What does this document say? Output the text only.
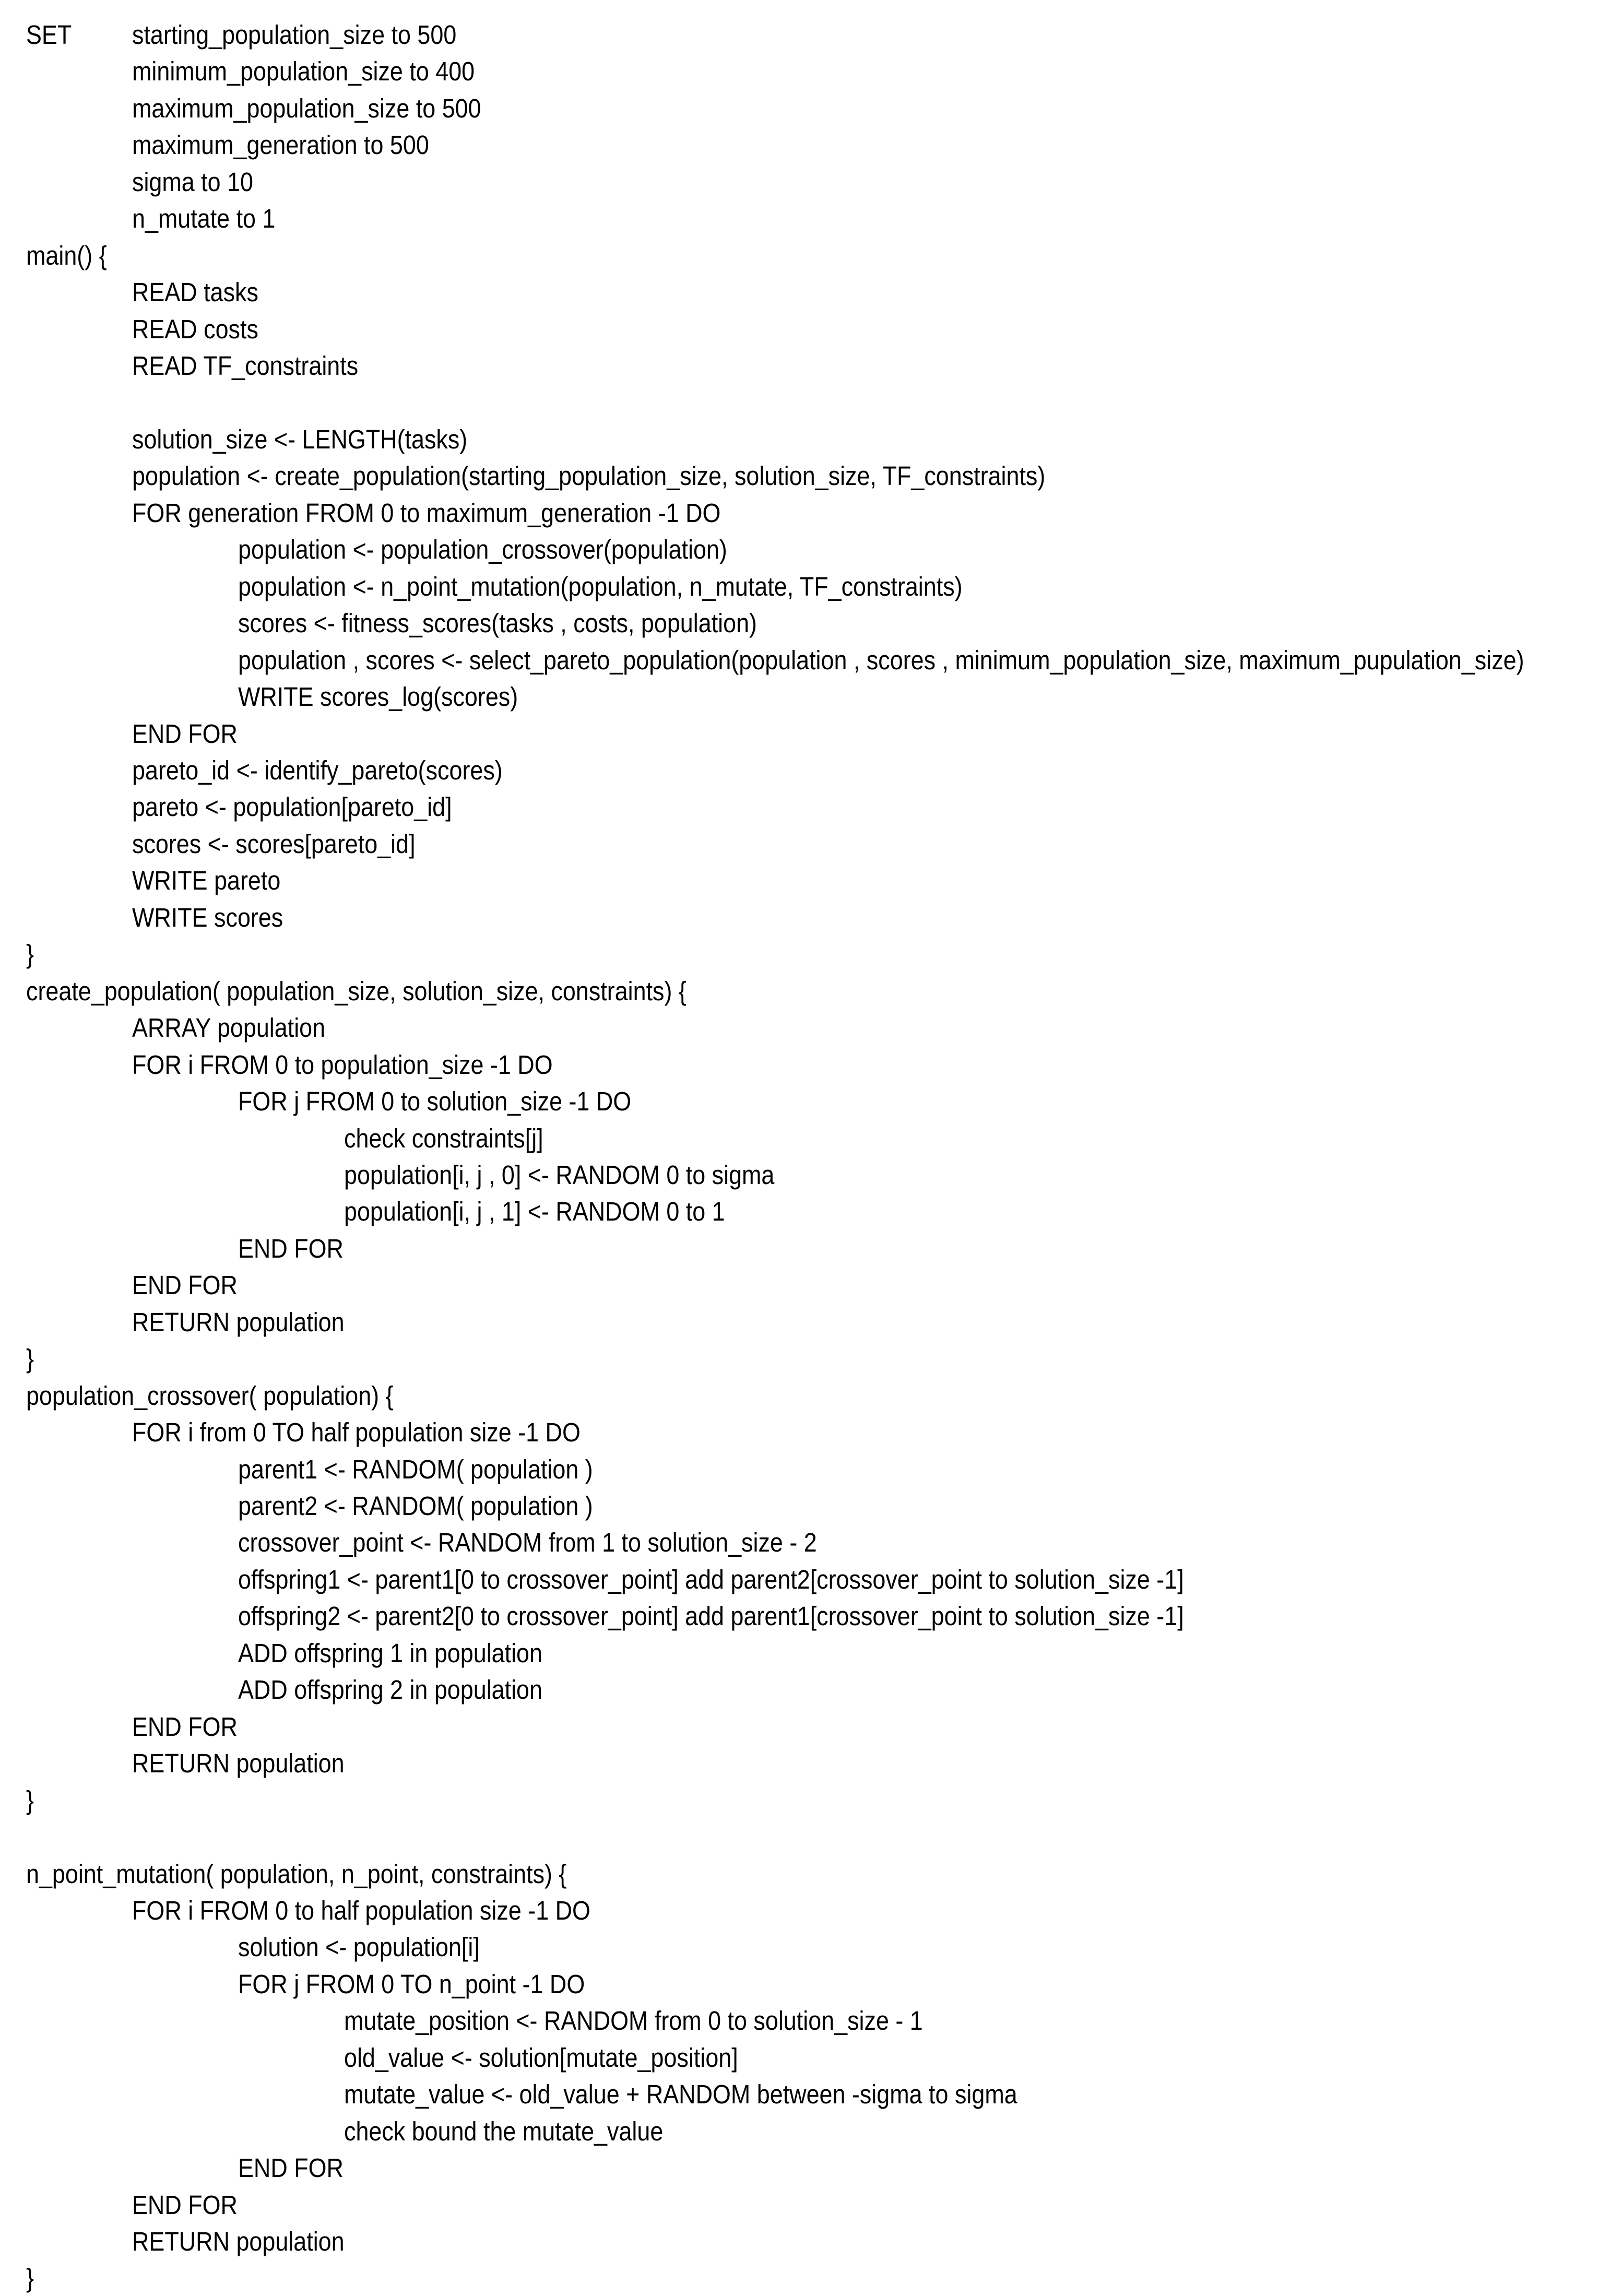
SET starting_population_size to 500
minimum_population_size to 400
maximum_population_size to 500
maximum_generation to 500
sigma to 10
n_mutate to 1
main() {
READ tasks
READ costs
READ TF_constraints
solution_size <- LENGTH(tasks)
population <- create_population(starting_population_size, solution_size, TF_constraints)
FOR generation FROM 0 to maximum_generation -1 DO
population <- population_crossover(population)
population <- n_point_mutation(population, n_mutate, TF_constraints)
scores <- fitness_scores(tasks , costs, population)
population , scores <- select_pareto_population(population , scores , minimum_population_size, maximum_pupulation_size)
WRITE scores_log(scores)
END FOR
pareto_id <- identify_pareto(scores)
pareto <- population[pareto_id]
scores <- scores[pareto_id]
WRITE pareto
WRITE scores
}
create_population( population_size, solution_size, constraints) {
ARRAY population
FOR i FROM 0 to population_size -1 DO
FOR j FROM 0 to solution_size -1 DO
check constraints[j]
population[i, j , 0] <- RANDOM 0 to sigma
population[i, j , 1] <- RANDOM 0 to 1
END FOR
END FOR
RETURN population
}
population_crossover( population) {
FOR i from 0 TO half population size -1 DO
parent1 <- RANDOM( population )
parent2 <- RANDOM( population )
crossover_point <- RANDOM from 1 to solution_size - 2
offspring1 <- parent1[0 to crossover_point] add parent2[crossover_point to solution_size -1]
offspring2 <- parent2[0 to crossover_point] add parent1[crossover_point to solution_size -1]
ADD offspring 1 in population
ADD offspring 2 in population
END FOR
RETURN population
}
n_point_mutation( population, n_point, constraints) {
FOR i FROM 0 to half population size -1 DO
solution <- population[i]
FOR j FROM 0 TO n_point -1 DO
mutate_position <- RANDOM from 0 to solution_size - 1
old_value <- solution[mutate_position]
mutate_value <- old_value + RANDOM between -sigma to sigma
check bound the mutate_value
END FOR
END FOR
RETURN population
}
